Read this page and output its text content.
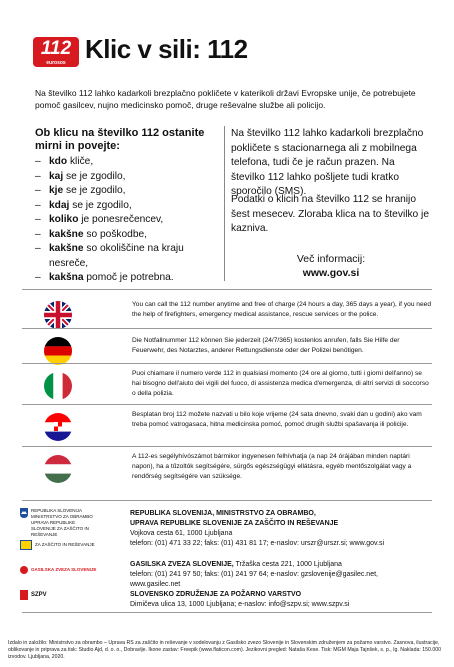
112
eurosos Klic v sili: 112
Na številko 112 lahko kadarkoli brezplačno pokličete v katerikoli državi Evropske unije, če potrebujete pomoč gasilcev, nujno medicinsko pomoč, druge reševalne službe ali policijo.
Ob klicu na številko 112 ostanite mirni in povejte:
– kdo kliče,
– kaj se je zgodilo,
– kje se je zgodilo,
– kdaj se je zgodilo,
– koliko je ponesrečencev,
– kakšne so poškodbe,
– kakšne so okoliščine na kraju nesreče,
– kakšna pomoč je potrebna.
Na številko 112 lahko kadarkoli brezplačno pokličete s stacionarnega ali z mobilnega telefona, tudi če je račun prazen. Na številko 112 lahko pošljete tudi kratko sporočilo (SMS).
Podatki o klicih na številko 112 se hranijo šest mesecev. Zloraba klica na to številko je kazniva.
Več informacij:
www.gov.si
You can call the 112 number anytime and free of charge (24 hours a day, 365 days a year), if you need the help of firefighters, emergency medical assistance, rescue services or the police.
Die Notfallnummer 112 können Sie jederzeit (24/7/365) kostenlos anrufen, falls Sie Hilfe der Feuerwehr, des Notarztes, anderer Rettungsdienste oder der Polizei benötigen.
Puoi chiamare il numero verde 112 in qualsiasi momento (24 ore al giorno, tutti i giorni dell'anno) se hai bisogno dell'aiuto dei vigili del fuoco, di assistenza medica d'emergenza, di altri servizi di soccorso o della polizia.
Besplatan broj 112 možete nazvati u bilo koje vrijeme (24 sata dnevno, svaki dan u godini) ako vam treba pomoć vatrogasaca, hitna medicinska pomoć, pomoć drugih službi spašavanja ili policije.
A 112-es segélyhívószámot bármikor ingyenesen felhívhatja (a nap 24 órájában minden naptári napon), ha a tűzoltók segítségére, sürgős egészségügyi ellátásra, egyéb mentőszolgálat vagy a rendőrség segítségére van szüksége.
REPUBLIKA SLOVENIJA MINISTRSTVO ZA OBRAMBO UPRAVA REPUBLIKE SLOVENIJE ZA ZAŠČITO IN REŠEVANJE
ZA ZAŠČITO IN REŠEVANJE
GASILSKA ZVEZA SLOVENIJE
SZPV
REPUBLIKA SLOVENIJA, MINISTRSTVO ZA OBRAMBO,
UPRAVA REPUBLIKE SLOVENIJE ZA ZAŠČITO IN REŠEVANJE
Vojkova cesta 61, 1000 Ljubljana
telefon: (01) 471 33 22; faks: (01) 431 81 17; e-naslov: urszr@urszr.si; www.gov.si
GASILSKA ZVEZA SLOVENIJE, Tržaška cesta 221, 1000 Ljubljana
telefon: (01) 241 97 50; faks: (01) 241 97 64; e-naslov: gzslovenije@gasilec.net, www.gasilec.net
SLOVENSKO ZDRUŽENJE ZA POŽARNO VARSTVO
Dimičeva ulica 13, 1000 Ljubljana; e-naslov: info@szpv.si; www.szpv.si
Izdalo in založilo: Ministrstvo za obrambo – Uprava RS za zaščito in reševanje v sodelovanju z Gasilsko zvezo Slovenije in Slovenskim združenjem za požarno varstvo. Zasnova, ilustracije, oblikovanje in priprava za tisk: Studio Ajd, d. o. o., Dobravlje. Ikone zastav: Freepik (www.flaticon.com). Jezikovni pregled: Nataša Kese. Tisk: MGM Maja Tajnšek, s. p., Ig. Naklada: 150.000 izvodov. Ljubljana, 2020.
